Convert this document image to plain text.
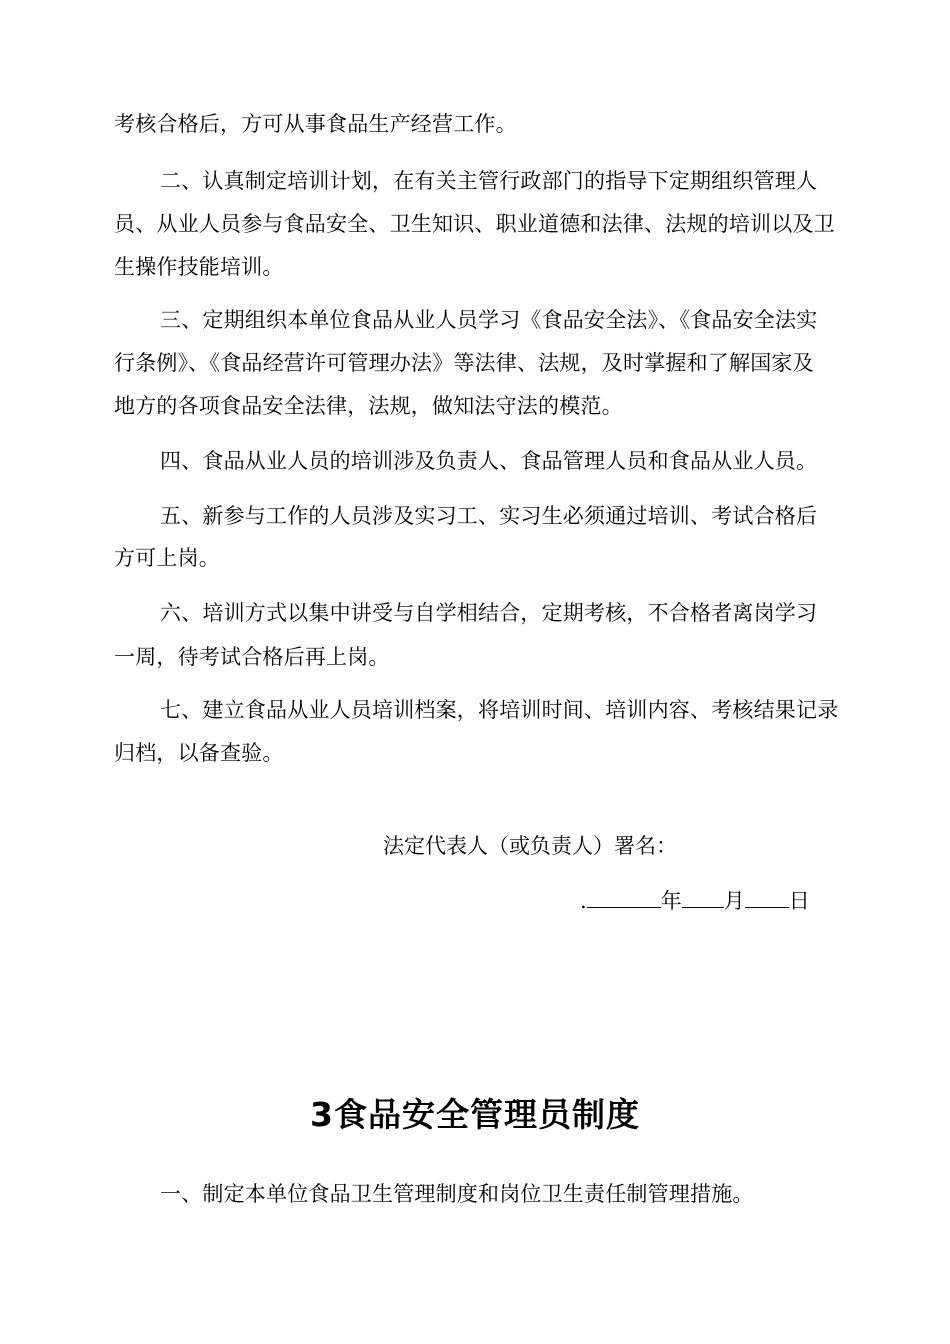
考核合格后，方可从事食品生产经营工作。
二、认真制定培训计划，在有关主管行政部门的指导下定期组织管理人
员、从业人员参与食品安全、卫生知识、职业道德和法律、法规的培训以及卫
生操作技能培训。
三、定期组织本单位食品从业人员学习《食品安全法》、《食品安全法实
行条例》、《食品经营许可管理办法》等法律、法规，及时掌握和了解国家及
地方的各项食品安全法律，法规，做知法守法的模范。
四、食品从业人员的培训涉及负责人、食品管理人员和食品从业人员。
五、新参与工作的人员涉及实习工、实习生必须通过培训、考试合格后
方可上岗。
六、培训方式以集中讲受与自学相结合，定期考核，不合格者离岗学习
一周，待考试合格后再上岗。
七、建立食品从业人员培训档案，将培训时间、培训内容、考核结果记录
归档，以备查验。
法定代表人（或负责人）署名：
.	年 月 日
3食品安全管理员制度
一、制定本单位食品卫生管理制度和岗位卫生责任制管理措施。
